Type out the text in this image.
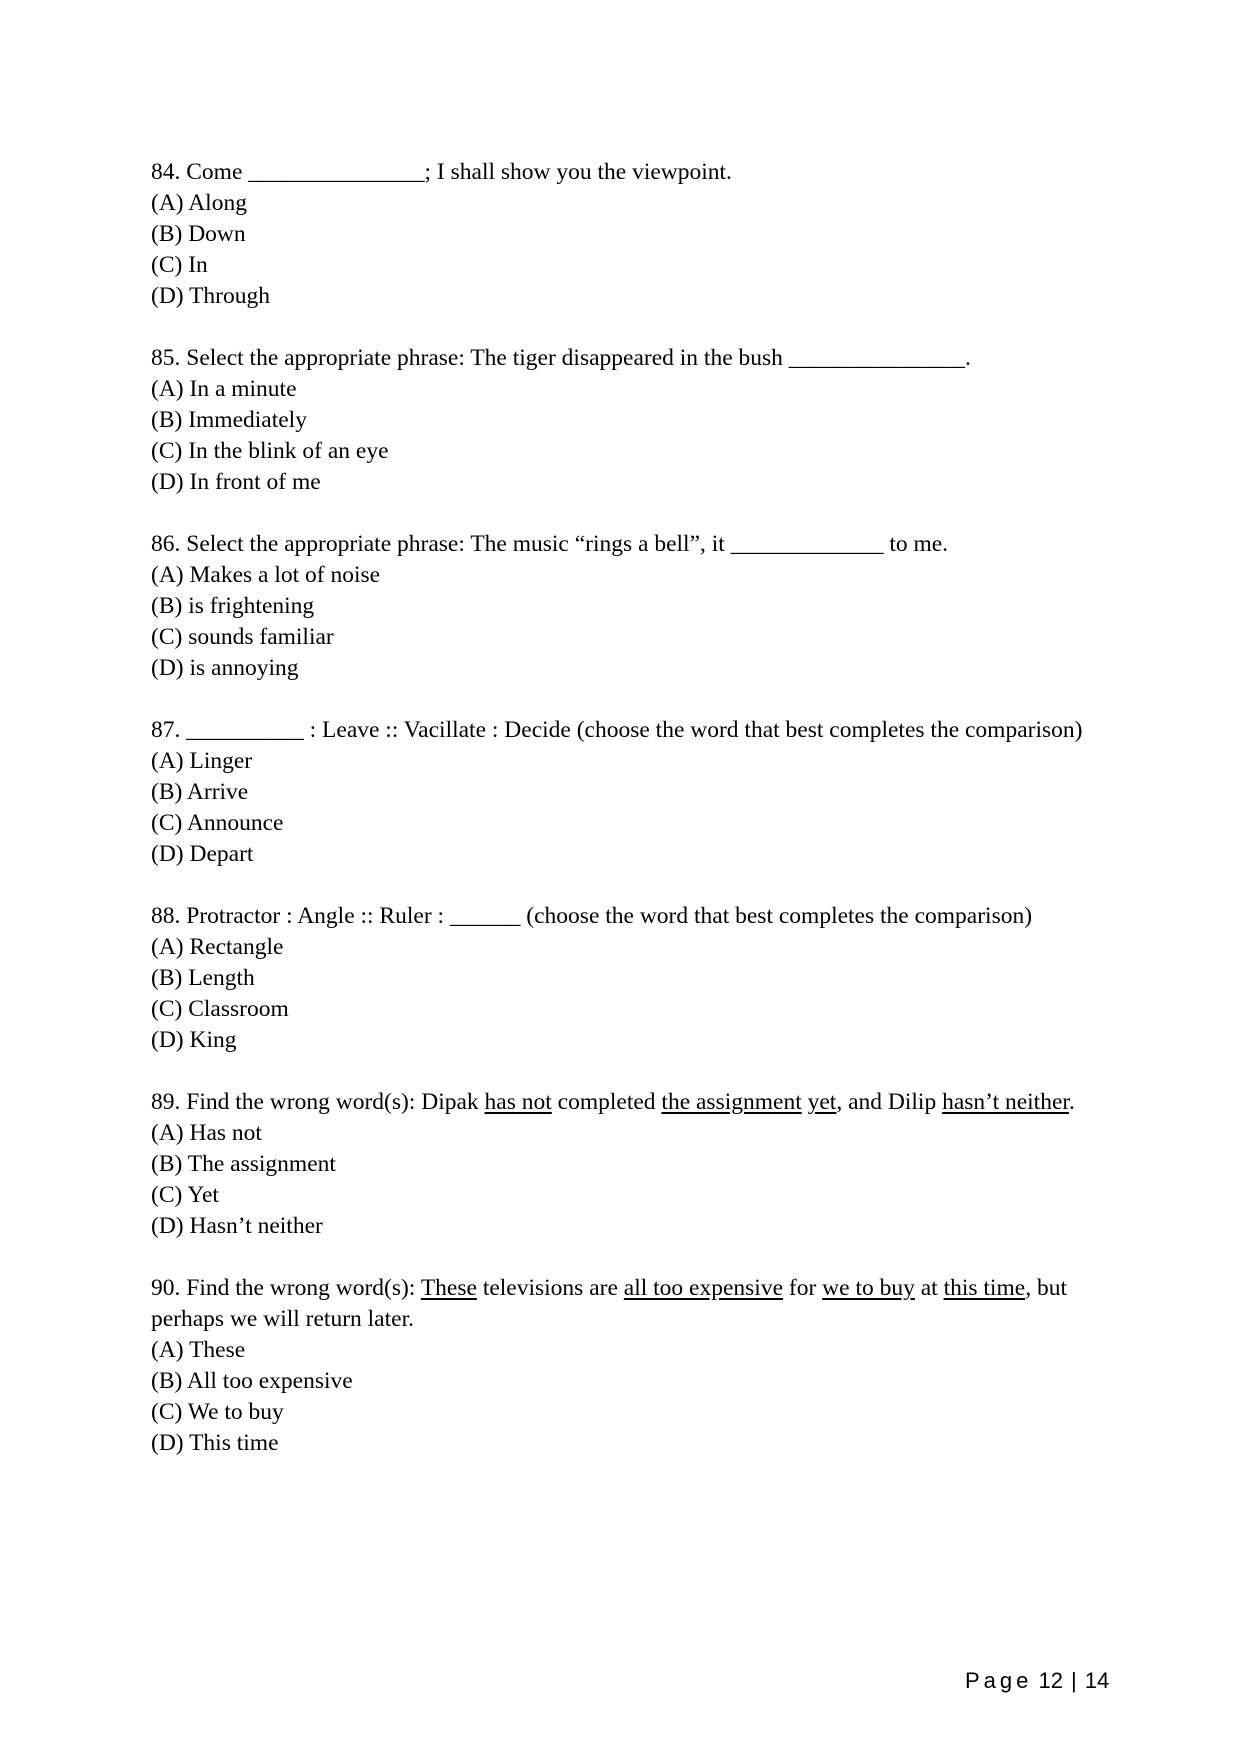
84. Come _______________; I shall show you the viewpoint.
(A) Along
(B) Down
(C) In
(D) Through
85. Select the appropriate phrase: The tiger disappeared in the bush _______________.
(A) In a minute
(B) Immediately
(C) In the blink of an eye
(D) In front of me
86. Select the appropriate phrase: The music “rings a bell”, it _____________ to me.
(A) Makes a lot of noise
(B) is frightening
(C) sounds familiar
(D) is annoying
87. __________ : Leave :: Vacillate : Decide (choose the word that best completes the comparison)
(A) Linger
(B) Arrive
(C) Announce
(D) Depart
88. Protractor : Angle :: Ruler : ______ (choose the word that best completes the comparison)
(A) Rectangle
(B) Length
(C) Classroom
(D) King
89. Find the wrong word(s): Dipak has not completed the assignment yet, and Dilip hasn’t neither.
(A) Has not
(B) The assignment
(C) Yet
(D) Hasn’t neither
90. Find the wrong word(s): These televisions are all too expensive for we to buy at this time, but perhaps we will return later.
(A) These
(B) All too expensive
(C) We to buy
(D) This time
Page 12 | 14
